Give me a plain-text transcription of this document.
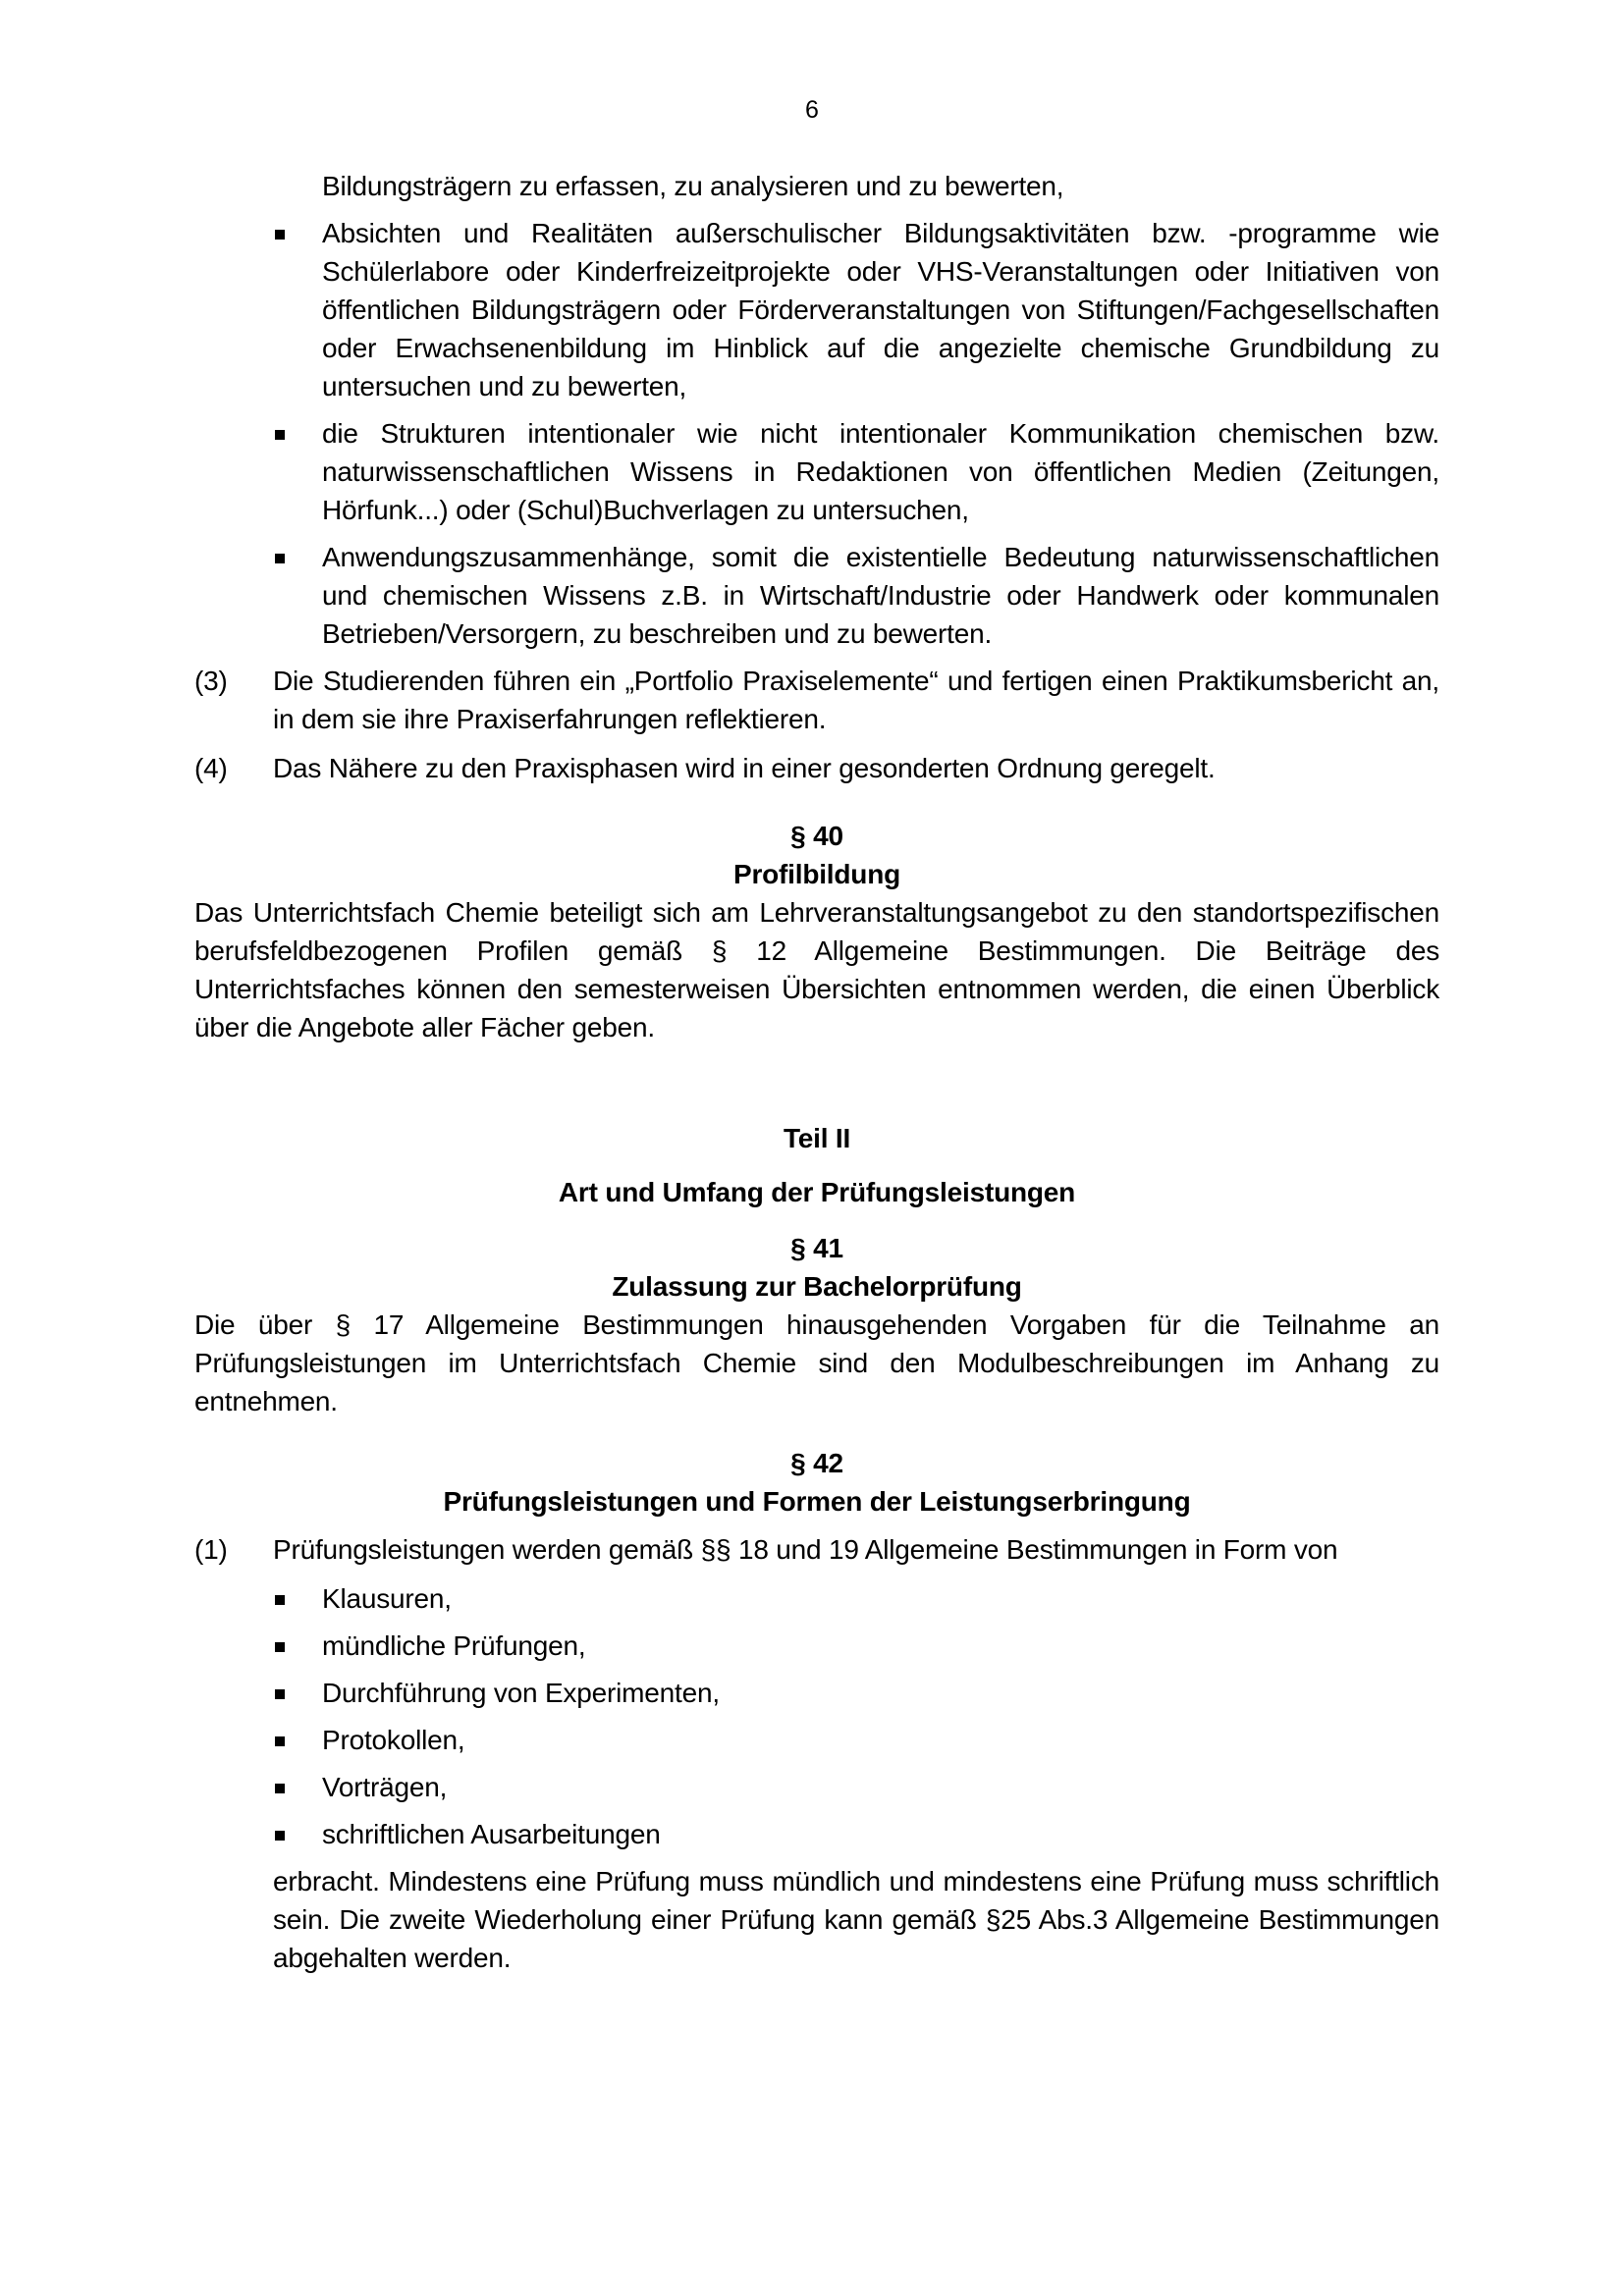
6

Bildungsträgern zu erfassen, zu analysieren und zu bewerten,

Absichten und Realitäten außerschulischer Bildungsaktivitäten bzw. -programme wie Schülerlabore oder Kinderfreizeitprojekte oder VHS-Veranstaltungen oder Initiativen von öffentlichen Bildungsträgern oder Förderveranstaltungen von Stiftungen/Fachgesellschaften oder Erwachsenenbildung im Hinblick auf die angezielte chemische Grundbildung zu untersuchen und zu bewerten,
die Strukturen intentionaler wie nicht intentionaler Kommunikation chemischen bzw. naturwissenschaftlichen Wissens in Redaktionen von öffentlichen Medien (Zeitungen, Hörfunk...) oder (Schul)Buchverlagen zu untersuchen,
Anwendungszusammenhänge, somit die existentielle Bedeutung naturwissenschaftlichen und chemischen Wissens z.B. in Wirtschaft/Industrie oder Handwerk oder kommunalen Betrieben/Versorgern, zu beschreiben und zu bewerten.
(3) Die Studierenden führen ein „Portfolio Praxiselemente“ und fertigen einen Praktikumsbericht an, in dem sie ihre Praxiserfahrungen reflektieren.
(4) Das Nähere zu den Praxisphasen wird in einer gesonderten Ordnung geregelt.
§ 40
Profilbildung

Das Unterrichtsfach Chemie beteiligt sich am Lehrveranstaltungsangebot zu den standortspezifischen berufsfeldbezogenen Profilen gemäß § 12 Allgemeine Bestimmungen. Die Beiträge des Unterrichtsfaches können den semesterweisen Übersichten entnommen werden, die einen Überblick über die Angebote aller Fächer geben.

Teil II
Art und Umfang der Prüfungsleistungen
§ 41
Zulassung zur Bachelorprüfung

Die über § 17 Allgemeine Bestimmungen hinausgehenden Vorgaben für die Teilnahme an Prüfungsleistungen im Unterrichtsfach Chemie sind den Modulbeschreibungen im Anhang zu entnehmen.

§ 42
Prüfungsleistungen und Formen der Leistungserbringung
(1) Prüfungsleistungen werden gemäß §§ 18 und 19 Allgemeine Bestimmungen in Form von
Klausuren,
mündliche Prüfungen,
Durchführung von Experimenten,
Protokollen,
Vorträgen,
schriftlichen Ausarbeitungen

erbracht. Mindestens eine Prüfung muss mündlich und mindestens eine Prüfung muss schriftlich sein. Die zweite Wiederholung einer Prüfung kann gemäß §25 Abs.3 Allgemeine Bestimmungen abgehalten werden.
